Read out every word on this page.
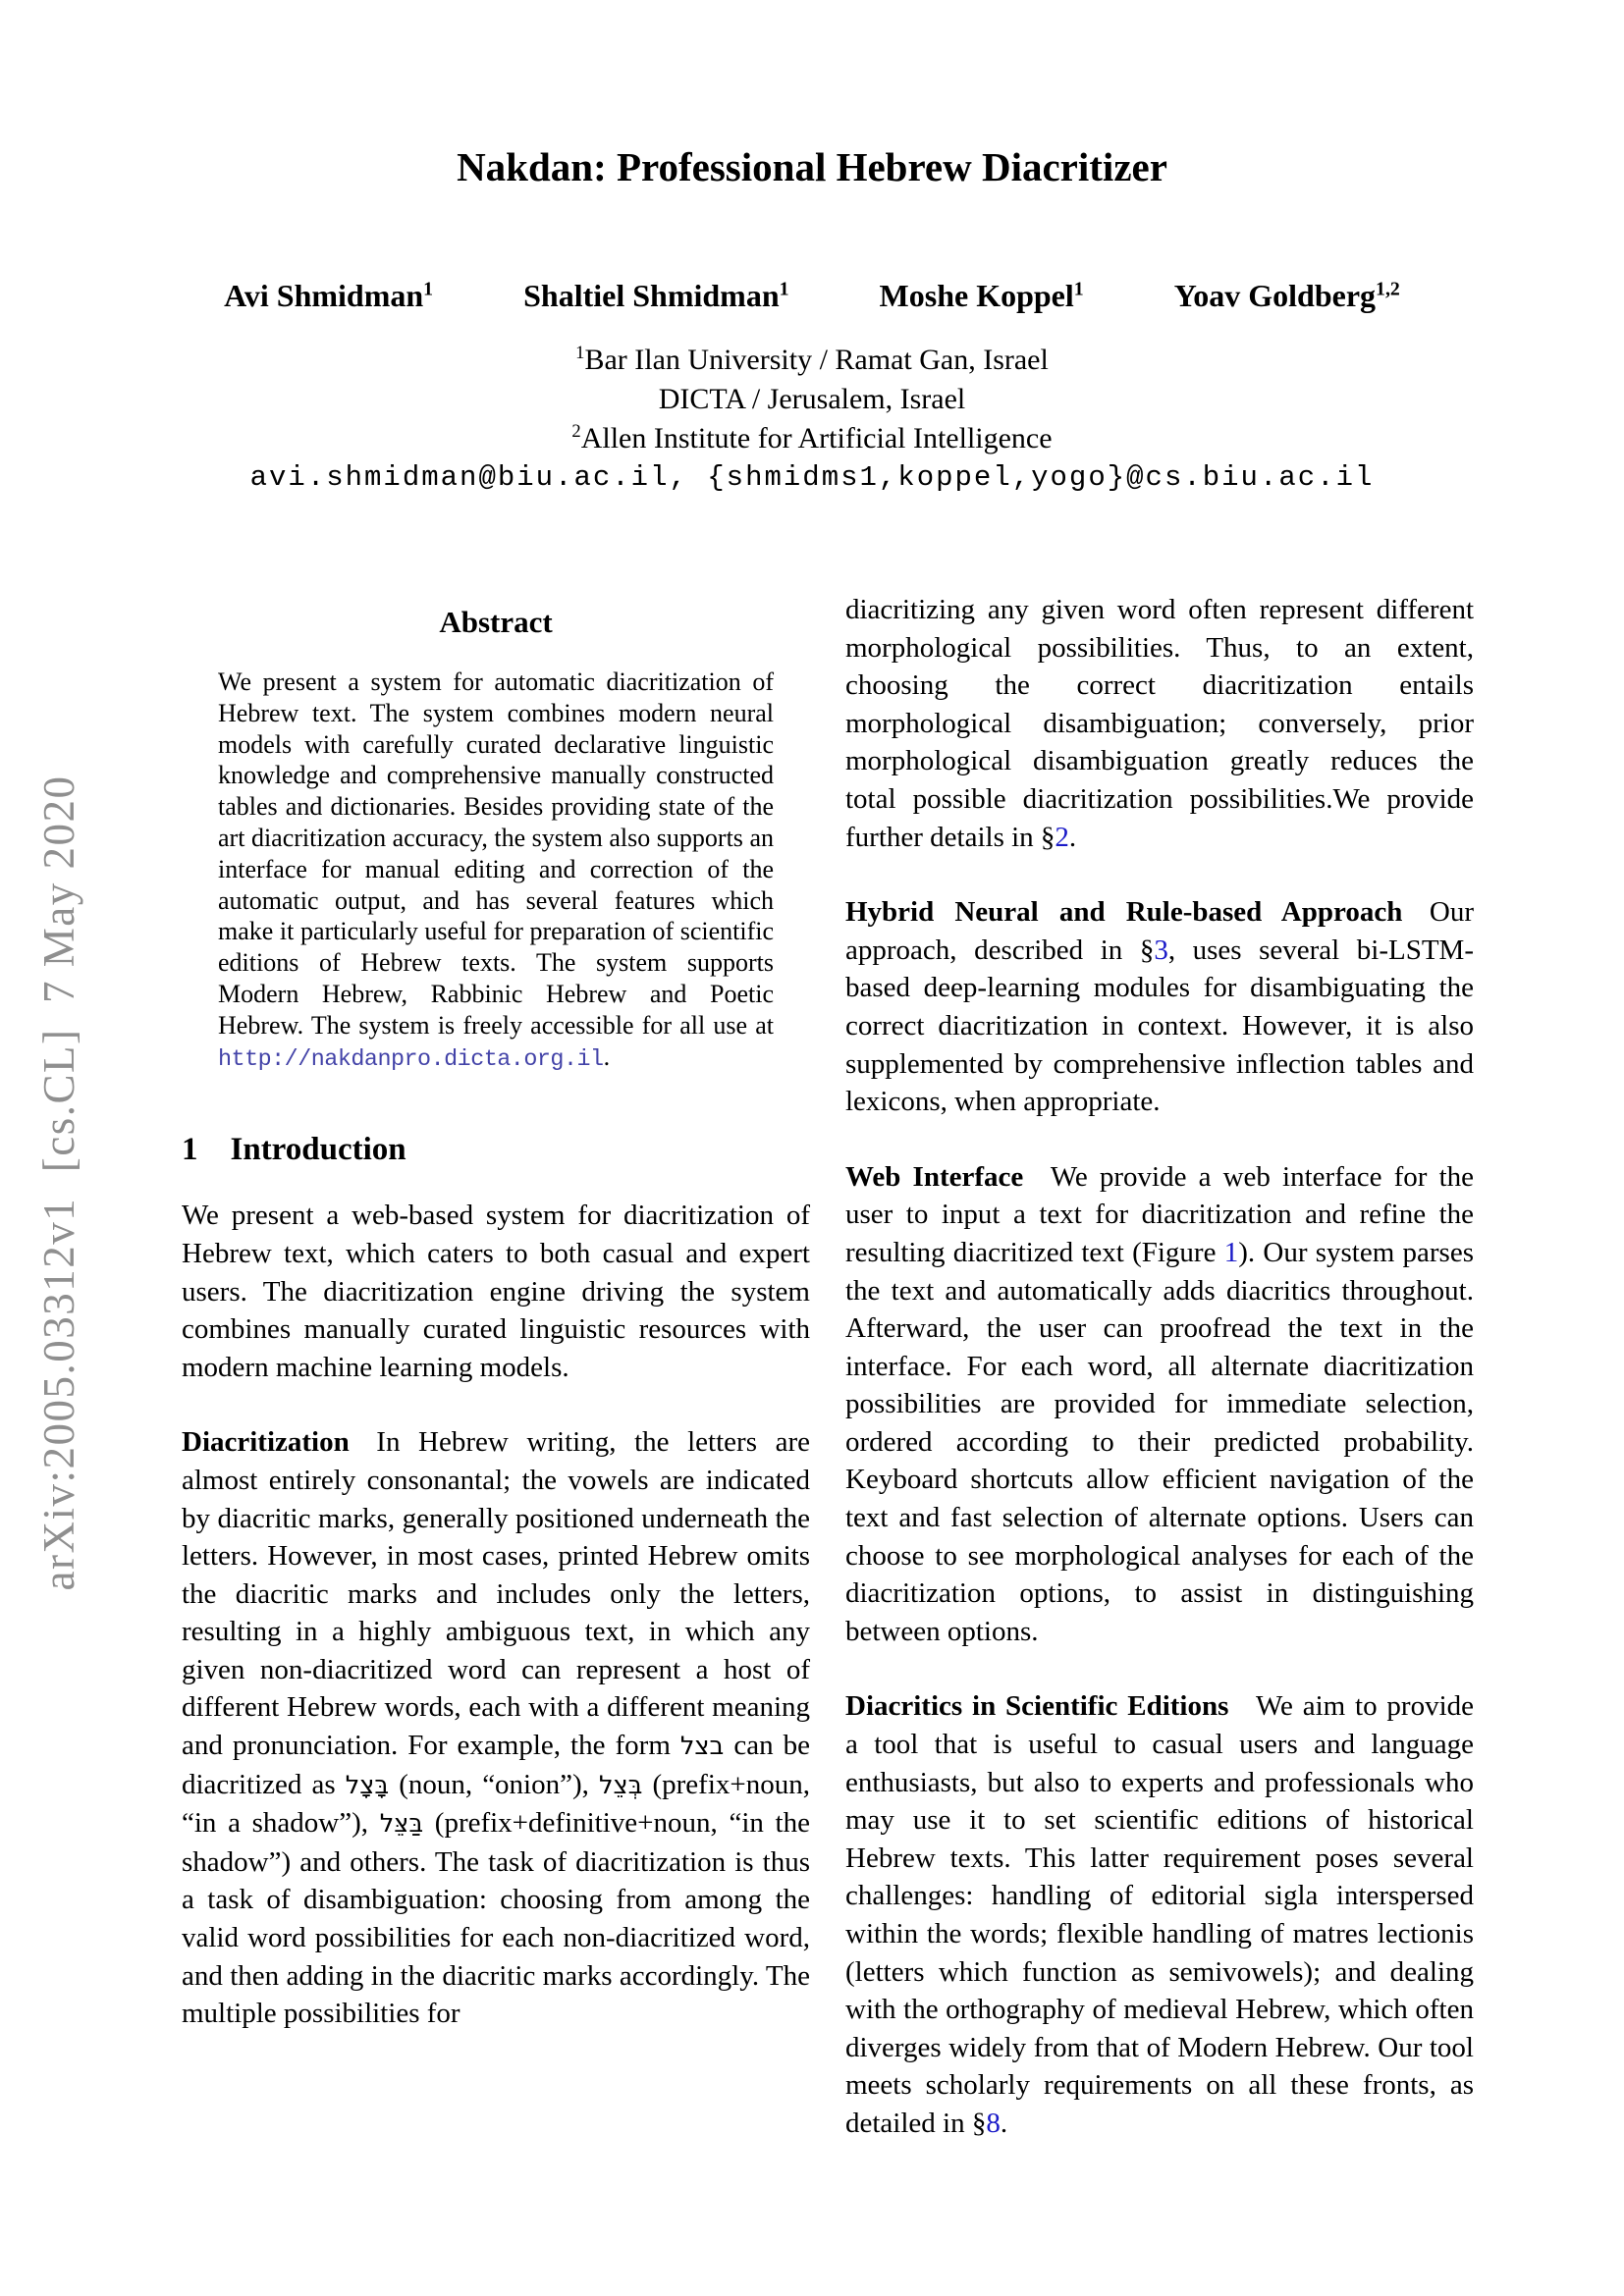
arXiv:2005.03312v1  [cs.CL]  7 May 2020
Nakdan: Professional Hebrew Diacritizer
Avi Shmidman$^1$	Shaltiel Shmidman$^1$	Moshe Koppel$^1$	Yoav Goldberg$^{1,2}$
$^1$Bar Ilan University / Ramat Gan, Israel
DICTA / Jerusalem, Israel
$^2$Allen Institute for Artificial Intelligence
avi.shmidman@biu.ac.il, {shmidms1,koppel,yogo}@cs.biu.ac.il
Abstract
We present a system for automatic diacritization of Hebrew text. The system combines modern neural models with carefully curated declarative linguistic knowledge and comprehensive manually constructed tables and dictionaries. Besides providing state of the art diacritization accuracy, the system also supports an interface for manual editing and correction of the automatic output, and has several features which make it particularly useful for preparation of scientific editions of Hebrew texts. The system supports Modern Hebrew, Rabbinic Hebrew and Poetic Hebrew. The system is freely accessible for all use at http://nakdanpro.dicta.org.il.
1 Introduction
We present a web-based system for diacritization of Hebrew text, which caters to both casual and expert users. The diacritization engine driving the system combines manually curated linguistic resources with modern machine learning models.
Diacritization In Hebrew writing, the letters are almost entirely consonantal; the vowels are indicated by diacritic marks, generally positioned underneath the letters. However, in most cases, printed Hebrew omits the diacritic marks and includes only the letters, resulting in a highly ambiguous text, in which any given non-diacritized word can represent a host of different Hebrew words, each with a different meaning and pronunciation. For example, the form בצל can be diacritized as בָּצָל (noun, “onion”), בְּצֵל (prefix+noun, “in a shadow”), בַּצֵּל (prefix+definitive+noun, “in the shadow”) and others. The task of diacritization is thus a task of disambiguation: choosing from among the valid word possibilities for each non-diacritized word, and then adding in the diacritic marks accordingly. The multiple possibilities for
diacritizing any given word often represent different morphological possibilities. Thus, to an extent, choosing the correct diacritization entails morphological disambiguation; conversely, prior morphological disambiguation greatly reduces the total possible diacritization possibilities.We provide further details in §2.
Hybrid Neural and Rule-based Approach Our approach, described in §3, uses several bi-LSTM-based deep-learning modules for disambiguating the correct diacritization in context. However, it is also supplemented by comprehensive inflection tables and lexicons, when appropriate.
Web Interface We provide a web interface for the user to input a text for diacritization and refine the resulting diacritized text (Figure 1). Our system parses the text and automatically adds diacritics throughout. Afterward, the user can proofread the text in the interface. For each word, all alternate diacritization possibilities are provided for immediate selection, ordered according to their predicted probability. Keyboard shortcuts allow efficient navigation of the text and fast selection of alternate options. Users can choose to see morphological analyses for each of the diacritization options, to assist in distinguishing between options.
Diacritics in Scientific Editions We aim to provide a tool that is useful to casual users and language enthusiasts, but also to experts and professionals who may use it to set scientific editions of historical Hebrew texts. This latter requirement poses several challenges: handling of editorial sigla interspersed within the words; flexible handling of matres lectionis (letters which function as semivowels); and dealing with the orthography of medieval Hebrew, which often diverges widely from that of Modern Hebrew. Our tool meets scholarly requirements on all these fronts, as detailed in §8.
